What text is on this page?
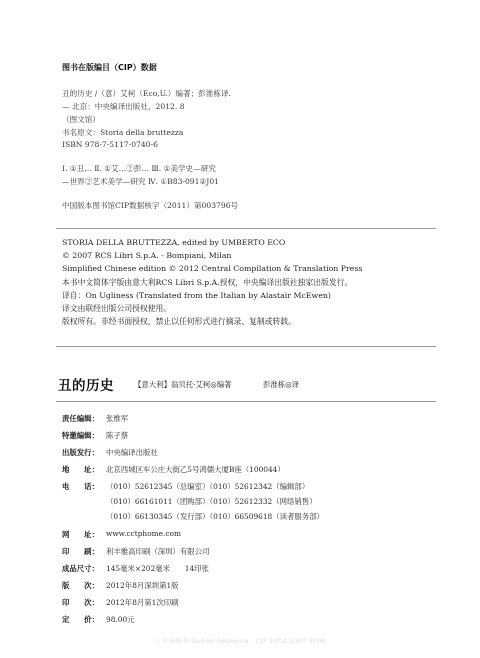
图书在版编目（CIP）数据
丑的历史 /（意）艾柯（Eco,U.）编著；彭淮栋译.
— 北京：中央编译出版社，2012. 8
（图文馆）
书名原文：Storia della bruttezza
ISBN 978-7-5117-0740-6
Ⅰ. ①丑… Ⅱ. ①艾…②彭… Ⅲ. ①美学史—研究
—世界②艺术美学—研究 Ⅳ. ①B83-091②J01
中国版本图书馆CIP数据核字（2011）第003796号
STORIA DELLA BRUTTEZZA, edited by UMBERTO ECO
© 2007 RCS Libri S.p.A. - Bompiani, Milan
Simplified Chinese edition © 2012 Central Compilation & Translation Press
本书中文简体字版由意大利RCS Libri S.p.A.授权，中央编译出版社独家出版发行。
译自：On Ugliness (Translated from the Italian by Alastair McEwen)
译文由联经出版公司授权使用。
版权所有。非经书面授权，禁止以任何形式进行摘录、复制或转载。
丑的历史	【意大利】翁贝托·艾柯◎编著	彭淮栋◎译
责任编辑： 张维军
特邀编辑： 陈子蔡
出版发行： 中央编译出版社
地　　址： 北京西城区车公庄大街乙5号鸿儒大厦B座（100044）
电　　话： （010）52612345（总编室）（010）52612342（编辑部）
（010）66161011（团购部）（010）52612332（网络销售）
（010）66130345（发行部）（010）66509618（读者服务部）
网　　址： www.cctphome.com
印　　刷： 利丰雅高印刷（深圳）有限公司
成品尺寸： 145毫米×202毫米　　14印张
版　　次： 2012年8月深圳第1版
印　　次： 2012年8月第1次印刷
定　　价： 98.00元
ⓒ 中国图书 Design Resource · CIP 1002 5000 5000
